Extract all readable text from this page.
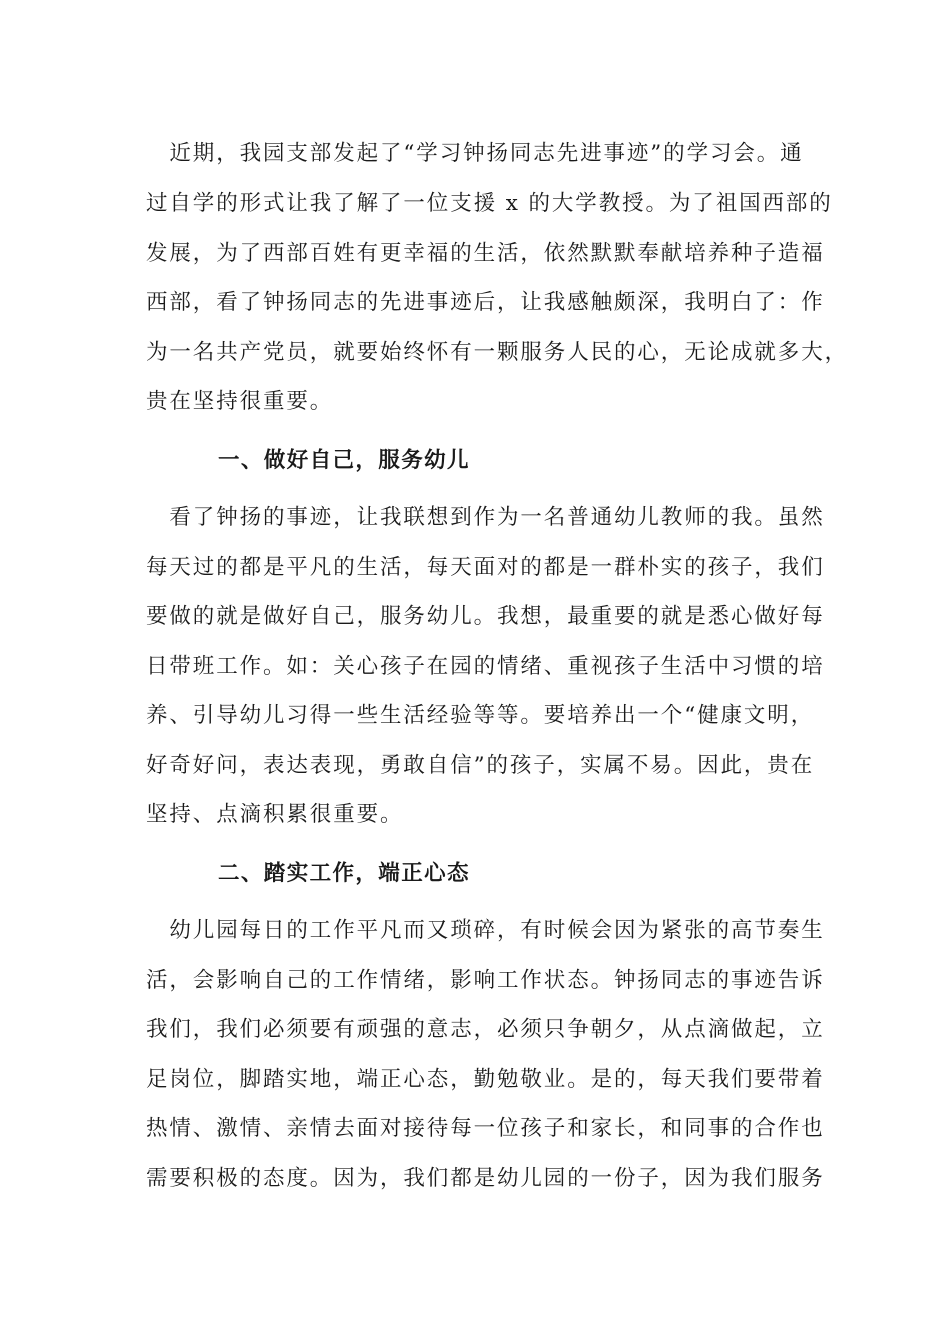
　近期，我园支部发起了“学习钟扬同志先进事迹”的学习会。通
过自学的形式让我了解了一位支援 x 的大学教授。为了祖国西部的
发展，为了西部百姓有更幸福的生活，依然默默奉献培养种子造福
西部，看了钟扬同志的先进事迹后，让我感触颇深，我明白了：作
为一名共产党员，就要始终怀有一颗服务人民的心，无论成就多大，
贵在坚持很重要。
一、做好自己，服务幼儿
　看了钟扬的事迹，让我联想到作为一名普通幼儿教师的我。虽然
每天过的都是平凡的生活，每天面对的都是一群朴实的孩子，我们
要做的就是做好自己，服务幼儿。我想，最重要的就是悉心做好每
日带班工作。如：关心孩子在园的情绪、重视孩子生活中习惯的培
养、引导幼儿习得一些生活经验等等。要培养出一个“健康文明，
好奇好问，表达表现，勇敢自信”的孩子，实属不易。因此，贵在
坚持、点滴积累很重要。
二、踏实工作，端正心态
　幼儿园每日的工作平凡而又琐碎，有时候会因为紧张的高节奏生
活，会影响自己的工作情绪，影响工作状态。钟扬同志的事迹告诉
我们，我们必须要有顽强的意志，必须只争朝夕，从点滴做起，立
足岗位，脚踏实地，端正心态，勤勉敬业。是的，每天我们要带着
热情、激情、亲情去面对接待每一位孩子和家长，和同事的合作也
需要积极的态度。因为，我们都是幼儿园的一份子，因为我们服务
